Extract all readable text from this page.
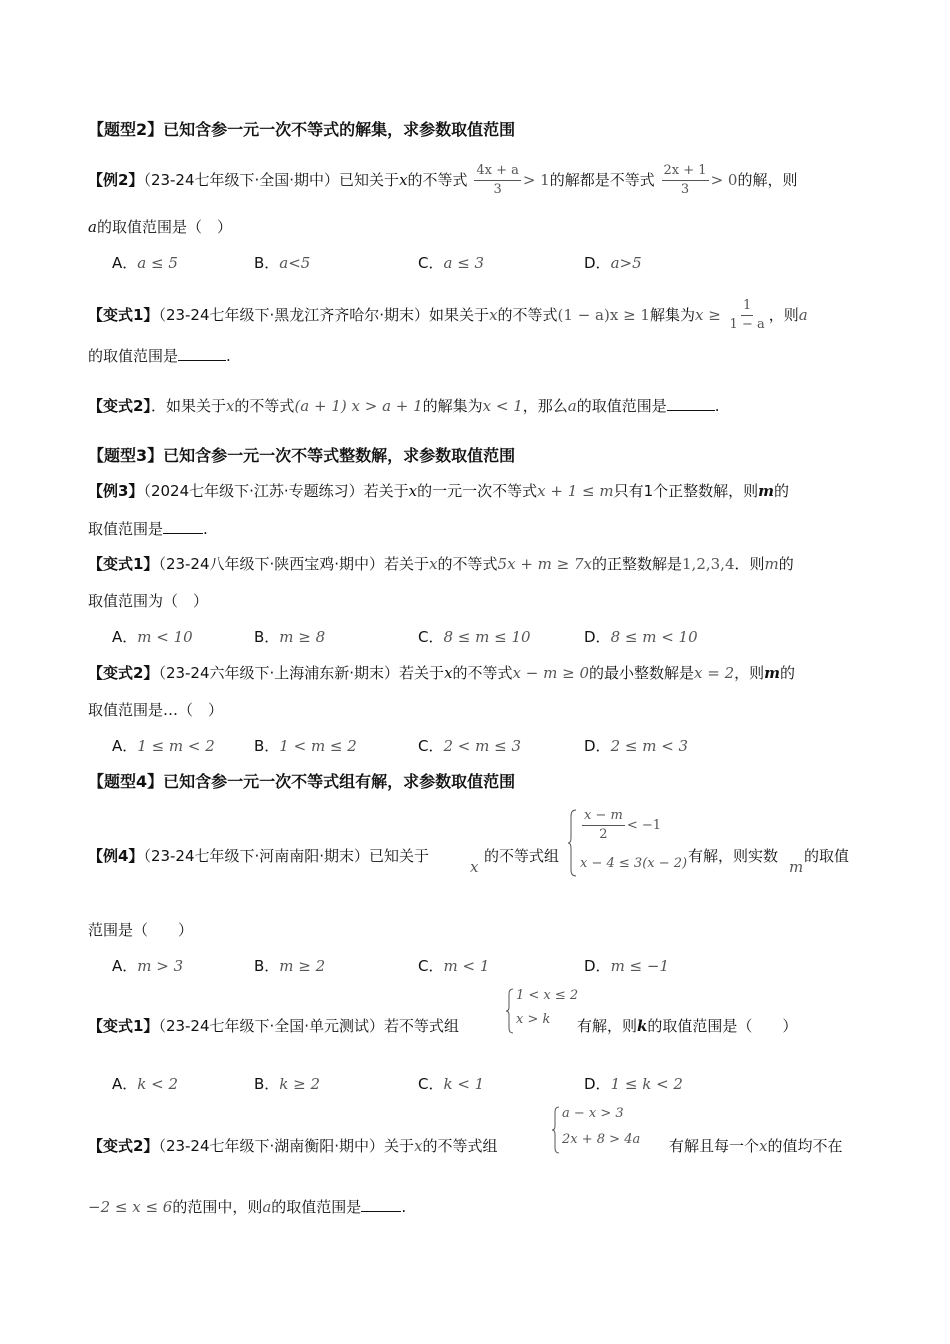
【题型2】已知含参一元一次不等式的解集，求参数取值范围
【例2】（23-24七年级下·全国·期中）已知关于x的不等式 $\frac{4x + a}{3} > 1$的解都是不等式 $\frac{2x + 1}{3} > 0$的解，则
a的取值范围是（　）
A．a ≤ 5	B．a<5	C．a ≤ 3	D．a>5
【变式1】（23-24七年级下·黑龙江齐齐哈尔·期末）如果关于x的不等式(1 − a)x ≥ 1解集为$x \ge \frac{1}{1 - a}$ ，则a
的取值范围是	.
【变式2】．如果关于x的不等式(a + 1) x > a + 1的解集为x < 1，那么a的取值范围是	.
【题型3】已知含参一元一次不等式整数解，求参数取值范围
【例3】（2024七年级下·江苏·专题练习）若关于x的一元一次不等式x + 1 ≤ m只有1个正整数解，则m的
取值范围是	.
【变式1】（23-24八年级下·陕西宝鸡·期中）若关于x的不等式5x + m ≥ 7x的正整数解是1,2,3,4．则m的
取值范围为（　）
A．m < 10	B．m ≥ 8	C．8 ≤ m ≤ 10	D．8 ≤ m < 10
【变式2】（23-24六年级下·上海浦东新·期末）若关于x的不等式x − m ≥ 0的最小整数解是x = 2，则m的
取值范围是…（　）
A．1 ≤ m < 2	B．1 < m ≤ 2	C．2 < m ≤ 3	D．2 ≤ m < 3
【题型4】已知含参一元一次不等式组有解，求参数取值范围
$\frac{x - m}{2} < -1$
x − 4 ≤ 3(x − 2)
【例4】（23-24七年级下·河南南阳·期末）已知关于
x
的不等式组	有解，则实数
m
的取值
范围是（　　）
A．m > 3	B．m ≥ 2	C．m < 1	D．m ≤ −1
1 < x ≤ 2
x > k
【变式1】（23-24七年级下·全国·单元测试）若不等式组	有解，则k的取值范围是（　　）
A．k < 2	B．k ≥ 2	C．k < 1	D．1 ≤ k < 2
a − x > 3
2x + 8 > 4a
【变式2】（23-24七年级下·湖南衡阳·期中）关于x的不等式组	有解且每一个x的值均不在
−2 ≤ x ≤ 6的范围中，则a的取值范围是	.
